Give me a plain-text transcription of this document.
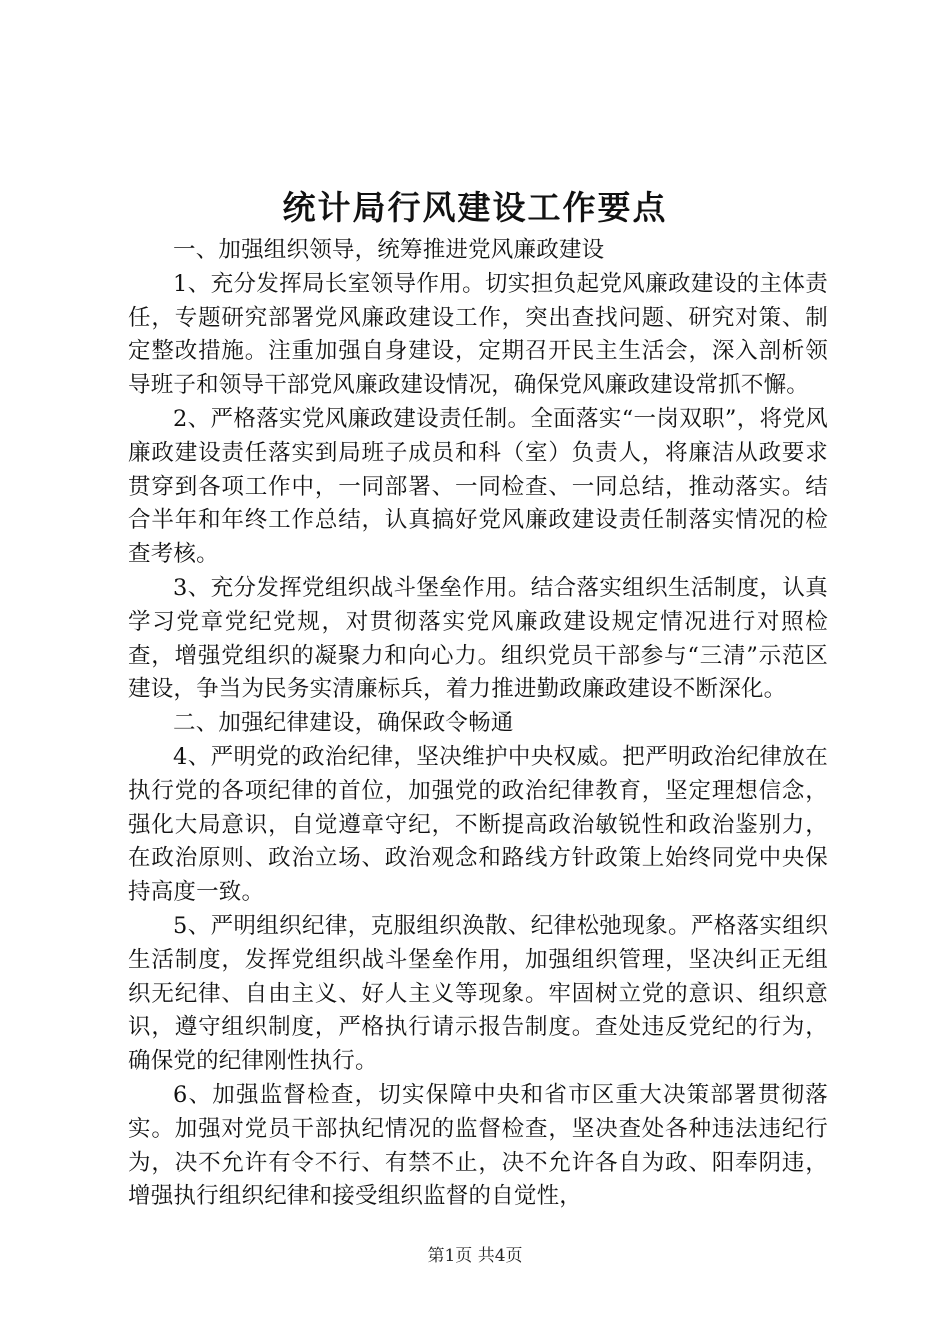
统计局行风建设工作要点

一、加强组织领导，统筹推进党风廉政建设

1、充分发挥局长室领导作用。切实担负起党风廉政建设的主体责任，专题研究部署党风廉政建设工作，突出查找问题、研究对策、制定整改措施。注重加强自身建设，定期召开民主生活会，深入剖析领导班子和领导干部党风廉政建设情况，确保党风廉政建设常抓不懈。

2、严格落实党风廉政建设责任制。全面落实“一岗双职”，将党风廉政建设责任落实到局班子成员和科（室）负责人，将廉洁从政要求贯穿到各项工作中，一同部署、一同检查、一同总结，推动落实。结合半年和年终工作总结，认真搞好党风廉政建设责任制落实情况的检查考核。

3、充分发挥党组织战斗堡垒作用。结合落实组织生活制度，认真学习党章党纪党规，对贯彻落实党风廉政建设规定情况进行对照检查，增强党组织的凝聚力和向心力。组织党员干部参与“三清”示范区建设，争当为民务实清廉标兵，着力推进勤政廉政建设不断深化。

二、加强纪律建设，确保政令畅通

4、严明党的政治纪律，坚决维护中央权威。把严明政治纪律放在执行党的各项纪律的首位，加强党的政治纪律教育，坚定理想信念，强化大局意识，自觉遵章守纪，不断提高政治敏锐性和政治鉴别力，在政治原则、政治立场、政治观念和路线方针政策上始终同党中央保持高度一致。

5、严明组织纪律，克服组织涣散、纪律松弛现象。严格落实组织生活制度，发挥党组织战斗堡垒作用，加强组织管理，坚决纠正无组织无纪律、自由主义、好人主义等现象。牢固树立党的意识、组织意识，遵守组织制度，严格执行请示报告制度。查处违反党纪的行为，确保党的纪律刚性执行。

6、加强监督检查，切实保障中央和省市区重大决策部署贯彻落实。加强对党员干部执纪情况的监督检查，坚决查处各种违法违纪行为，决不允许有令不行、有禁不止，决不允许各自为政、阳奉阴违，增强执行组织纪律和接受组织监督的自觉性，

第1页 共4页
